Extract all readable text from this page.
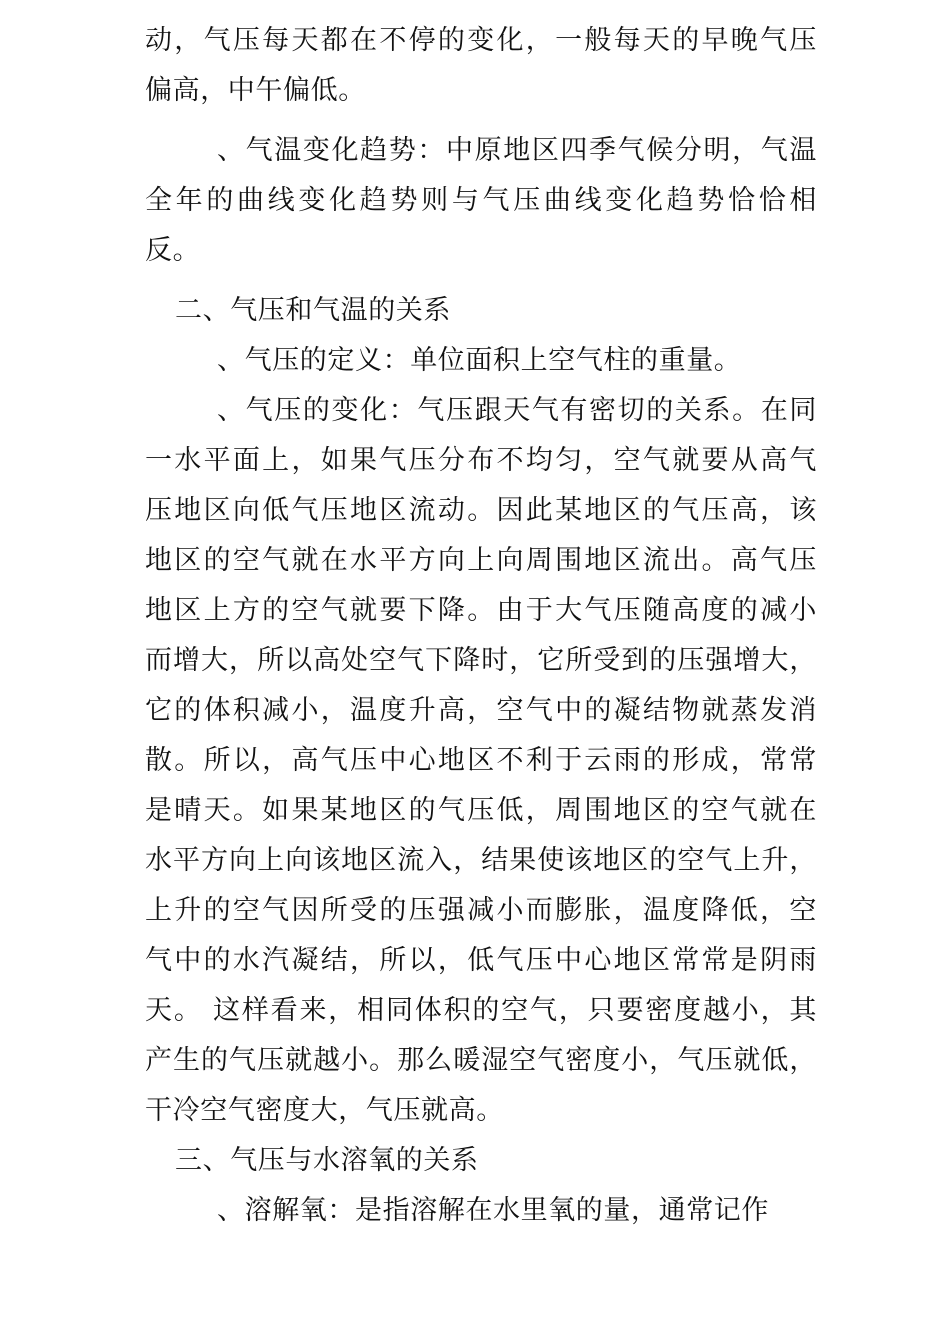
动，气压每天都在不停的变化，一般每天的早晚气压
偏高，中午偏低。
、气温变化趋势：中原地区四季气候分明，气温
全年的曲线变化趋势则与气压曲线变化趋势恰恰相
反。
二、气压和气温的关系
、气压的定义：单位面积上空气柱的重量。
、气压的变化：气压跟天气有密切的关系。在同
一水平面上，如果气压分布不均匀，空气就要从高气
压地区向低气压地区流动。因此某地区的气压高，该
地区的空气就在水平方向上向周围地区流出。高气压
地区上方的空气就要下降。由于大气压随高度的减小
而增大，所以高处空气下降时，它所受到的压强增大，
它的体积减小，温度升高，空气中的凝结物就蒸发消
散。所以，高气压中心地区不利于云雨的形成，常常
是晴天。如果某地区的气压低，周围地区的空气就在
水平方向上向该地区流入，结果使该地区的空气上升，
上升的空气因所受的压强减小而膨胀，温度降低，空
气中的水汽凝结，所以，低气压中心地区常常是阴雨
天。 这样看来，相同体积的空气，只要密度越小，其
产生的气压就越小。那么暖湿空气密度小，气压就低，
干冷空气密度大，气压就高。
三、气压与水溶氧的关系
、溶解氧：是指溶解在水里氧的量，通常记作
